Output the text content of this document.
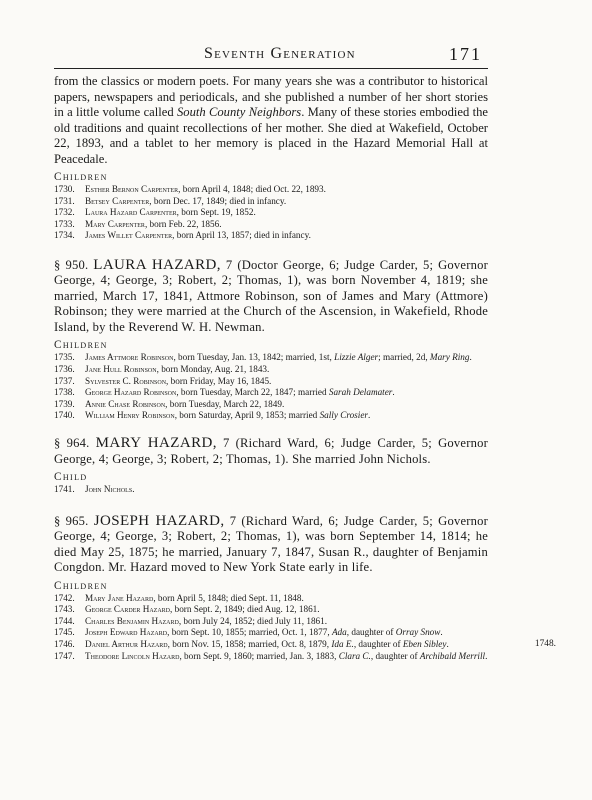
Seventh Generation	171

from the classics or modern poets. For many years she was a contributor to historical papers, newspapers and periodicals, and she published a number of her short stories in a little volume called South County Neighbors. Many of these stories embodied the old traditions and quaint recollections of her mother. She died at Wakefield, October 22, 1893, and a tablet to her memory is placed in the Hazard Memorial Hall at Peacedale.

Children
1730. Esther Bernon Carpenter, born April 4, 1848; died Oct. 22, 1893.
1731. Betsey Carpenter, born Dec. 17, 1849; died in infancy.
1732. Laura Hazard Carpenter, born Sept. 19, 1852.
1733. Mary Carpenter, born Feb. 22, 1856.
1734. James Willet Carpenter, born April 13, 1857; died in infancy.

§ 950. LAURA HAZARD, 7 (Doctor George, 6; Judge Carder, 5; Governor George, 4; George, 3; Robert, 2; Thomas, 1), was born November 4, 1819; she married, March 17, 1841, Attmore Robinson, son of James and Mary (Attmore) Robinson; they were married at the Church of the Ascension, in Wakefield, Rhode Island, by the Reverend W. H. Newman.

Children
1735. James Attmore Robinson, born Tuesday, Jan. 13, 1842; married, 1st, Lizzie Alger; married, 2d, Mary Ring.
1736. Jane Hull Robinson, born Monday, Aug. 21, 1843.
1737. Sylvester C. Robinson, born Friday, May 16, 1845.
1738. George Hazard Robinson, born Tuesday, March 22, 1847; married Sarah Delamater.
1739. Annie Chase Robinson, born Tuesday, March 22, 1849.
1740. William Henry Robinson, born Saturday, April 9, 1853; married Sally Crosier.

§ 964. MARY HAZARD, 7 (Richard Ward, 6; Judge Carder, 5; Governor George, 4; George, 3; Robert, 2; Thomas, 1). She married John Nichols.

Child
1741. John Nichols.

§ 965. JOSEPH HAZARD, 7 (Richard Ward, 6; Judge Carder, 5; Governor George, 4; George, 3; Robert, 2; Thomas, 1), was born September 14, 1814; he died May 25, 1875; he married, January 7, 1847, Susan R., daughter of Benjamin Congdon. Mr. Hazard moved to New York State early in life.

Children
1742. Mary Jane Hazard, born April 5, 1848; died Sept. 11, 1848.
1743. George Carder Hazard, born Sept. 2, 1849; died Aug. 12, 1861.
1744. Charles Benjamin Hazard, born July 24, 1852; died July 11, 1861.
1745. Joseph Edward Hazard, born Sept. 10, 1855; married, Oct. 1, 1877, Ada, daughter of Orray Snow.
1746. Daniel Arthur Hazard, born Nov. 15, 1858; married, Oct. 8, 1879, Ida E., daughter of Eben Sibley.
1747. Theodore Lincoln Hazard, born Sept. 9, 1860; married, Jan. 3, 1883, Clara C., daughter of Archibald Merrill.
1748.
